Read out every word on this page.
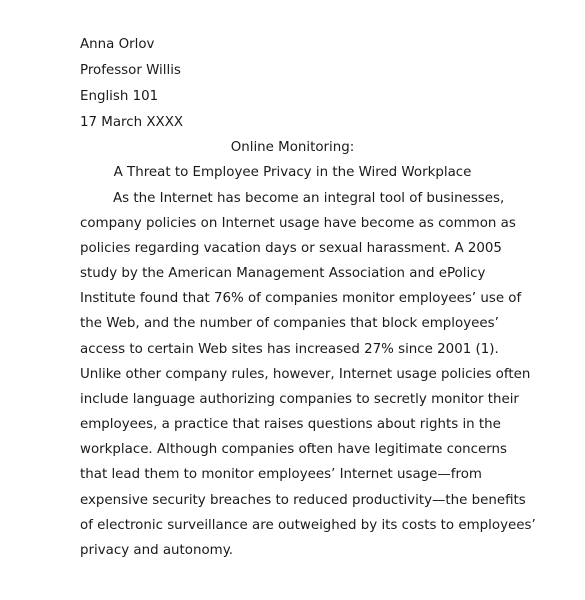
Anna Orlov
Professor Willis
English 101
17 March XXXX
Online Monitoring:
A Threat to Employee Privacy in the Wired Workplace
As the Internet has become an integral tool of businesses,
company policies on Internet usage have become as common as
policies regarding vacation days or sexual harassment. A 2005
study by the American Management Association and ePolicy
Institute found that 76% of companies monitor employees’ use of
the Web, and the number of companies that block employees’
access to certain Web sites has increased 27% since 2001 (1).
Unlike other company rules, however, Internet usage policies often
include language authorizing companies to secretly monitor their
employees, a practice that raises questions about rights in the
workplace. Although companies often have legitimate concerns
that lead them to monitor employees’ Internet usage—from
expensive security breaches to reduced productivity—the benefits
of electronic surveillance are outweighed by its costs to employees’
privacy and autonomy.
